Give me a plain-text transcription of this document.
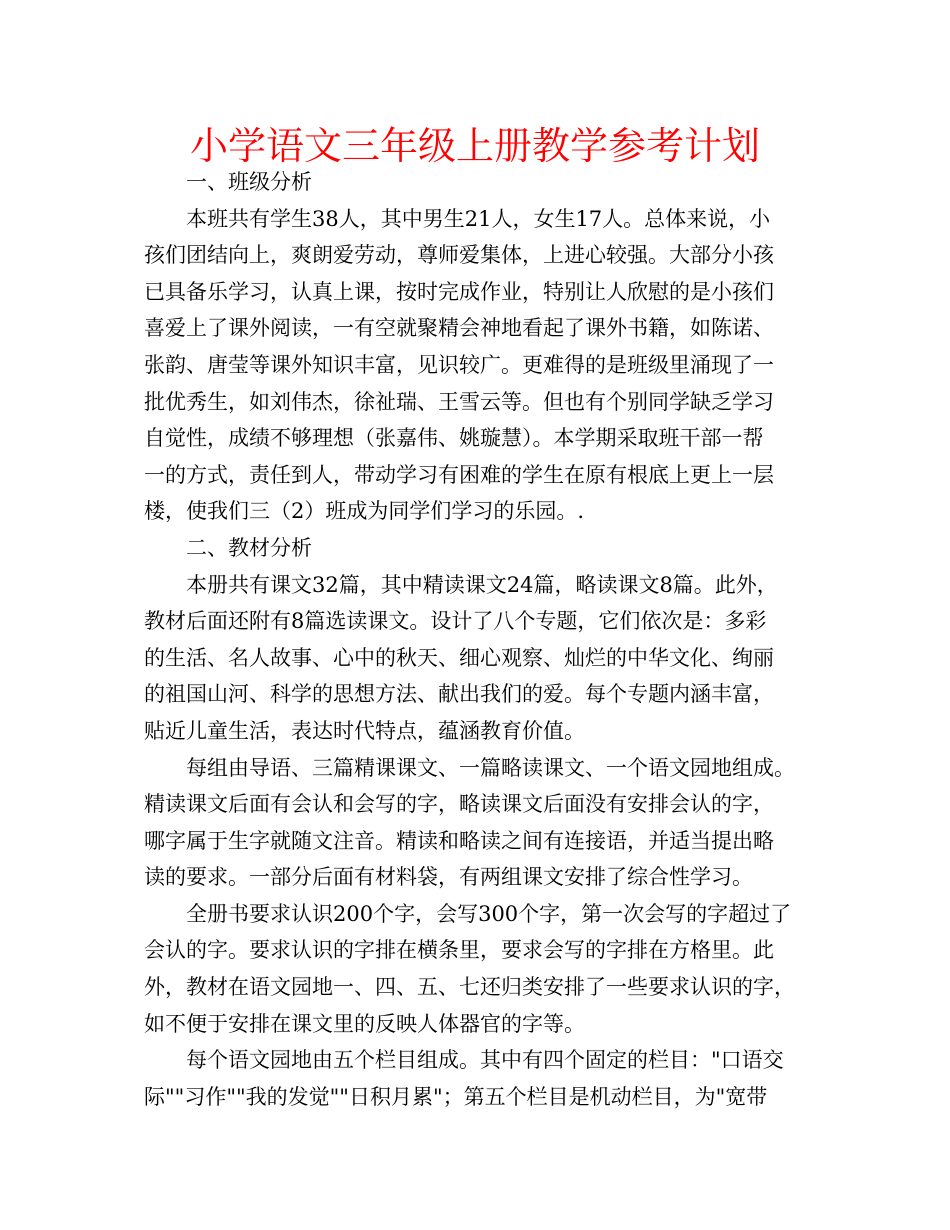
小学语文三年级上册教学参考计划
一、班级分析
本班共有学生38人，其中男生21人，女生17人。总体来说，小
孩们团结向上，爽朗爱劳动，尊师爱集体，上进心较强。大部分小孩
已具备乐学习，认真上课，按时完成作业，特别让人欣慰的是小孩们
喜爱上了课外阅读，一有空就聚精会神地看起了课外书籍，如陈诺、
张韵、唐莹等课外知识丰富，见识较广。更难得的是班级里涌现了一
批优秀生，如刘伟杰，徐祉瑞、王雪云等。但也有个别同学缺乏学习
自觉性，成绩不够理想（张嘉伟、姚璇慧）。本学期采取班干部一帮
一的方式，责任到人，带动学习有困难的学生在原有根底上更上一层
楼，使我们三（2）班成为同学们学习的乐园。.
二、教材分析
本册共有课文32篇，其中精读课文24篇，略读课文8篇。此外，
教材后面还附有8篇选读课文。设计了八个专题，它们依次是：多彩
的生活、名人故事、心中的秋天、细心观察、灿烂的中华文化、绚丽
的祖国山河、科学的思想方法、献出我们的爱。每个专题内涵丰富，
贴近儿童生活，表达时代特点，蕴涵教育价值。
每组由导语、三篇精课课文、一篇略读课文、一个语文园地组成。
精读课文后面有会认和会写的字，略读课文后面没有安排会认的字，
哪字属于生字就随文注音。精读和略读之间有连接语，并适当提出略
读的要求。一部分后面有材料袋，有两组课文安排了综合性学习。
全册书要求认识200个字，会写300个字，第一次会写的字超过了
会认的字。要求认识的字排在横条里，要求会写的字排在方格里。此
外，教材在语文园地一、四、五、七还归类安排了一些要求认识的字，
如不便于安排在课文里的反映人体器官的字等。
每个语文园地由五个栏目组成。其中有四个固定的栏目："口语交
际""习作""我的发觉""日积月累"；第五个栏目是机动栏目，为"宽带
